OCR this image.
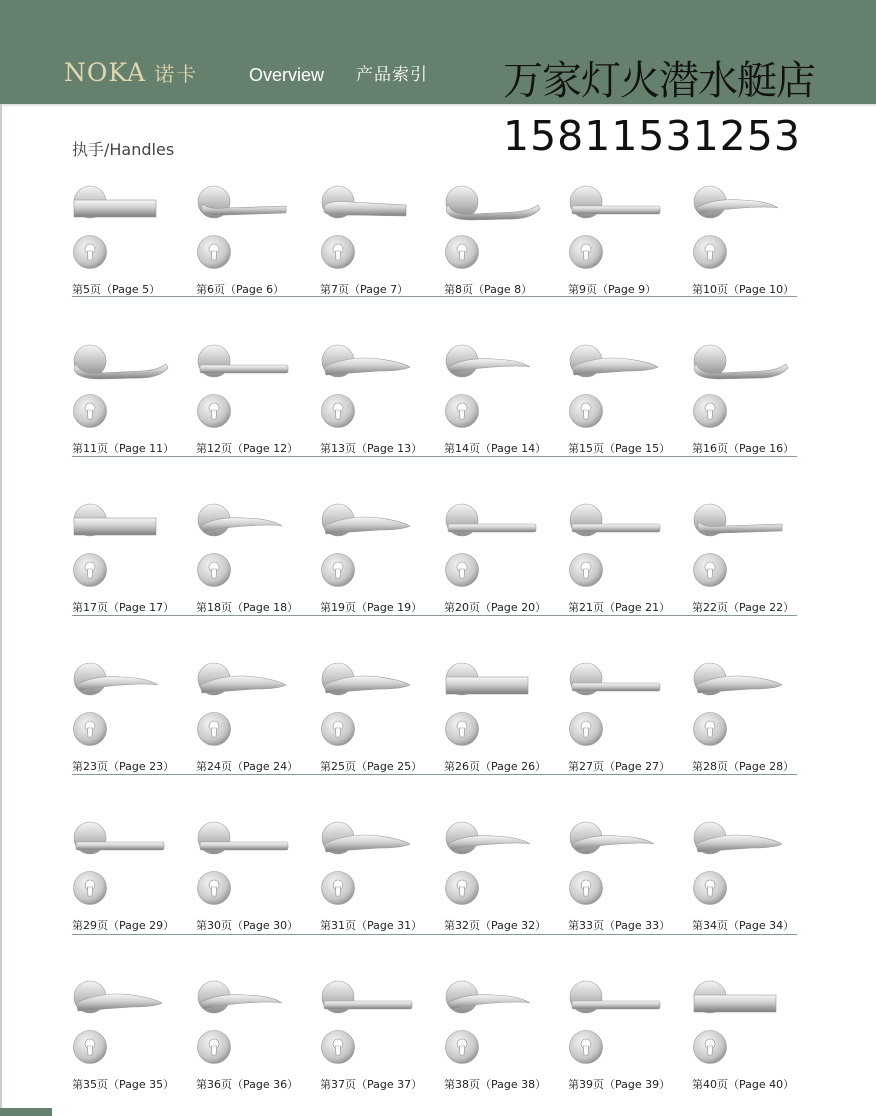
NOKA 诺卡	Overview 产品索引 万家灯火潜水艇店
15811531253
执手/Handles
第5页（Page 5）	第6页（Page 6）	第7页（Page 7）	第8页（Page 8）	第9页（Page 9）	第10页（Page 10）
第11页（Page 11） 第12页（Page 12） 第13页（Page 13） 第14页（Page 14） 第15页（Page 15） 第16页（Page 16）
第17页（Page 17） 第18页（Page 18） 第19页（Page 19） 第20页（Page 20） 第21页（Page 21） 第22页（Page 22）
第23页（Page 23） 第24页（Page 24） 第25页（Page 25） 第26页（Page 26） 第27页（Page 27） 第28页（Page 28）
第29页（Page 29） 第30页（Page 30） 第31页（Page 31） 第32页（Page 32） 第33页（Page 33） 第34页（Page 34）
第35页（Page 35） 第36页（Page 36） 第37页（Page 37） 第38页（Page 38） 第39页（Page 39） 第40页（Page 40）
